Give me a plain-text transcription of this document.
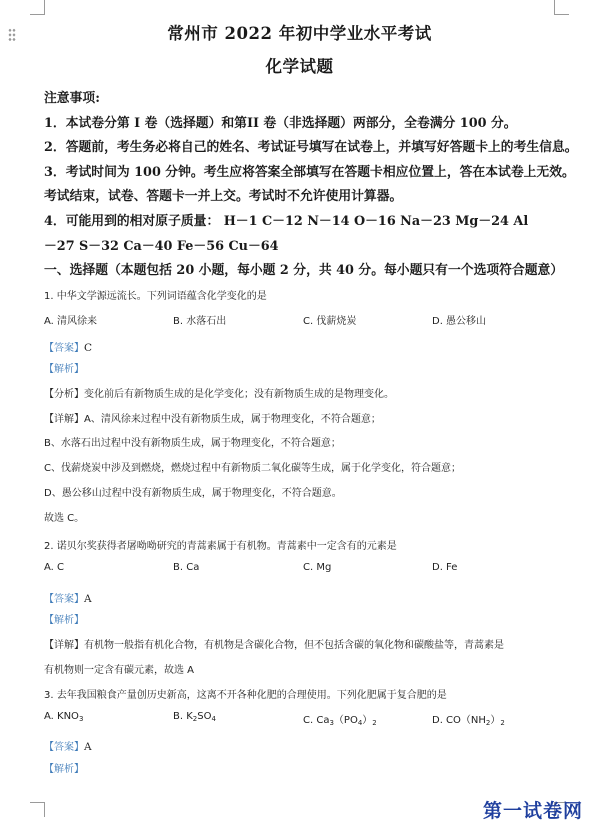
常州市 2022 年初中学业水平考试
化学试题
注意事项:
1．本试卷分第 I 卷（选择题）和第II 卷（非选择题）两部分，全卷满分 100 分。
2．答题前，考生务必将自己的姓名、考试证号填写在试卷上，并填写好答题卡上的考生信息。
3．考试时间为 100 分钟。考生应将答案全部填写在答题卡相应位置上，答在本试卷上无效。
考试结束，试卷、答题卡一并上交。考试时不允许使用计算器。
4．可能用到的相对原子质量： H－1 C－12 N－14 O－16 Na－23 Mg－24 Al
－27 S－32 Ca－40 Fe－56 Cu－64
一、选择题（本题包括 20 小题，每小题 2 分，共 40 分。每小题只有一个选项符合题意）
1. 中华文学源远流长。下列词语蕴含化学变化的是
A. 清风徐来	B. 水落石出	C. 伐薪烧炭	D. 愚公移山
【答案】C
【解析】
【分析】变化前后有新物质生成的是化学变化；没有新物质生成的是物理变化。
【详解】A、清风徐来过程中没有新物质生成，属于物理变化，不符合题意；
B、水落石出过程中没有新物质生成，属于物理变化，不符合题意；
C、伐薪烧炭中涉及到燃烧，燃烧过程中有新物质二氧化碳等生成，属于化学变化，符合题意；
D、愚公移山过程中没有新物质生成，属于物理变化，不符合题意。
故选 C。
2. 诺贝尔奖获得者屠呦呦研究的青蒿素属于有机物。青蒿素中一定含有的元素是
A. C	B. Ca	C. Mg	D. Fe
【答案】A
【解析】
【详解】有机物一般指有机化合物，有机物是含碳化合物，但不包括含碳的氧化物和碳酸盐等，青蒿素是
有机物则一定含有碳元素，故选 A
3. 去年我国粮食产量创历史新高，这离不开各种化肥的合理使用。下列化肥属于复合肥的是
A. $KNO_3$	B. $K_2SO_4$	C. $Ca_3(PO_4)_2$	D. $CO(NH_2)_2$
【答案】A
【解析】
第一试卷网
